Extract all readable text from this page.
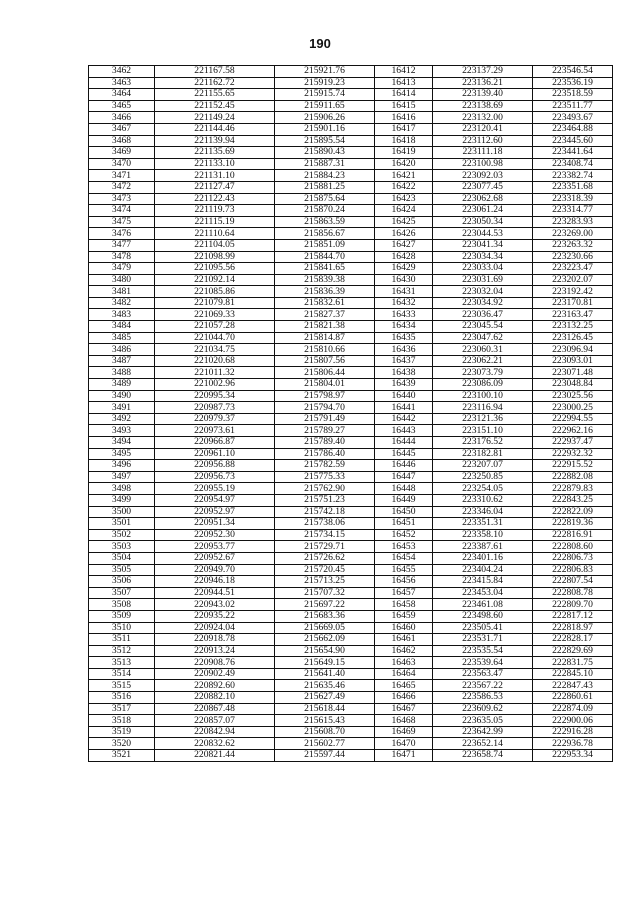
190
3462	221167.58	215921.76	16412	223137.29	223546.54
3463	221162.72	215919.23	16413	223136.21	223536.19
3464	221155.65	215915.74	16414	223139.40	223518.59
3465	221152.45	215911.65	16415	223138.69	223511.77
3466	221149.24	215906.26	16416	223132.00	223493.67
3467	221144.46	215901.16	16417	223120.41	223464.88
3468	221139.94	215895.54	16418	223112.60	223445.60
3469	221135.69	215890.43	16419	223111.18	223441.64
3470	221133.10	215887.31	16420	223100.98	223408.74
3471	221131.10	215884.23	16421	223092.03	223382.74
3472	221127.47	215881.25	16422	223077.45	223351.68
3473	221122.43	215875.64	16423	223062.68	223318.39
3474	221119.73	215870.24	16424	223061.24	223314.77
3475	221115.19	215863.59	16425	223050.34	223283.93
3476	221110.64	215856.67	16426	223044.53	223269.00
3477	221104.05	215851.09	16427	223041.34	223263.32
3478	221098.99	215844.70	16428	223034.34	223230.66
3479	221095.56	215841.65	16429	223033.04	223223.47
3480	221092.14	215839.38	16430	223031.69	223202.07
3481	221085.86	215836.39	16431	223032.04	223192.42
3482	221079.81	215832.61	16432	223034.92	223170.81
3483	221069.33	215827.37	16433	223036.47	223163.47
3484	221057.28	215821.38	16434	223045.54	223132.25
3485	221044.70	215814.87	16435	223047.62	223126.45
3486	221034.75	215810.66	16436	223060.31	223096.94
3487	221020.68	215807.56	16437	223062.21	223093.01
3488	221011.32	215806.44	16438	223073.79	223071.48
3489	221002.96	215804.01	16439	223086.09	223048.84
3490	220995.34	215798.97	16440	223100.10	223025.56
3491	220987.73	215794.70	16441	223116.94	223000.25
3492	220979.37	215791.49	16442	223121.36	222994.55
3493	220973.61	215789.27	16443	223151.10	222962.16
3494	220966.87	215789.40	16444	223176.52	222937.47
3495	220961.10	215786.40	16445	223182.81	222932.32
3496	220956.88	215782.59	16446	223207.07	222915.52
3497	220956.73	215775.33	16447	223250.85	222882.08
3498	220955.19	215762.90	16448	223254.05	222879.83
3499	220954.97	215751.23	16449	223310.62	222843.25
3500	220952.97	215742.18	16450	223346.04	222822.09
3501	220951.34	215738.06	16451	223351.31	222819.36
3502	220952.30	215734.15	16452	223358.10	222816.91
3503	220953.77	215729.71	16453	223387.61	222808.60
3504	220952.67	215726.62	16454	223401.16	222806.73
3505	220949.70	215720.45	16455	223404.24	222806.83
3506	220946.18	215713.25	16456	223415.84	222807.54
3507	220944.51	215707.32	16457	223453.04	222808.78
3508	220943.02	215697.22	16458	223461.08	222809.70
3509	220935.22	215683.36	16459	223498.60	222817.12
3510	220924.04	215669.05	16460	223505.41	222818.97
3511	220918.78	215662.09	16461	223531.71	222828.17
3512	220913.24	215654.90	16462	223535.54	222829.69
3513	220908.76	215649.15	16463	223539.64	222831.75
3514	220902.49	215641.40	16464	223563.47	222845.10
3515	220892.60	215635.46	16465	223567.22	222847.43
3516	220882.10	215627.49	16466	223586.53	222860.61
3517	220867.48	215618.44	16467	223609.62	222874.09
3518	220857.07	215615.43	16468	223635.05	222900.06
3519	220842.94	215608.70	16469	223642.99	222916.28
3520	220832.62	215602.77	16470	223652.14	222936.78
3521	220821.44	215597.44	16471	223658.74	222953.34
